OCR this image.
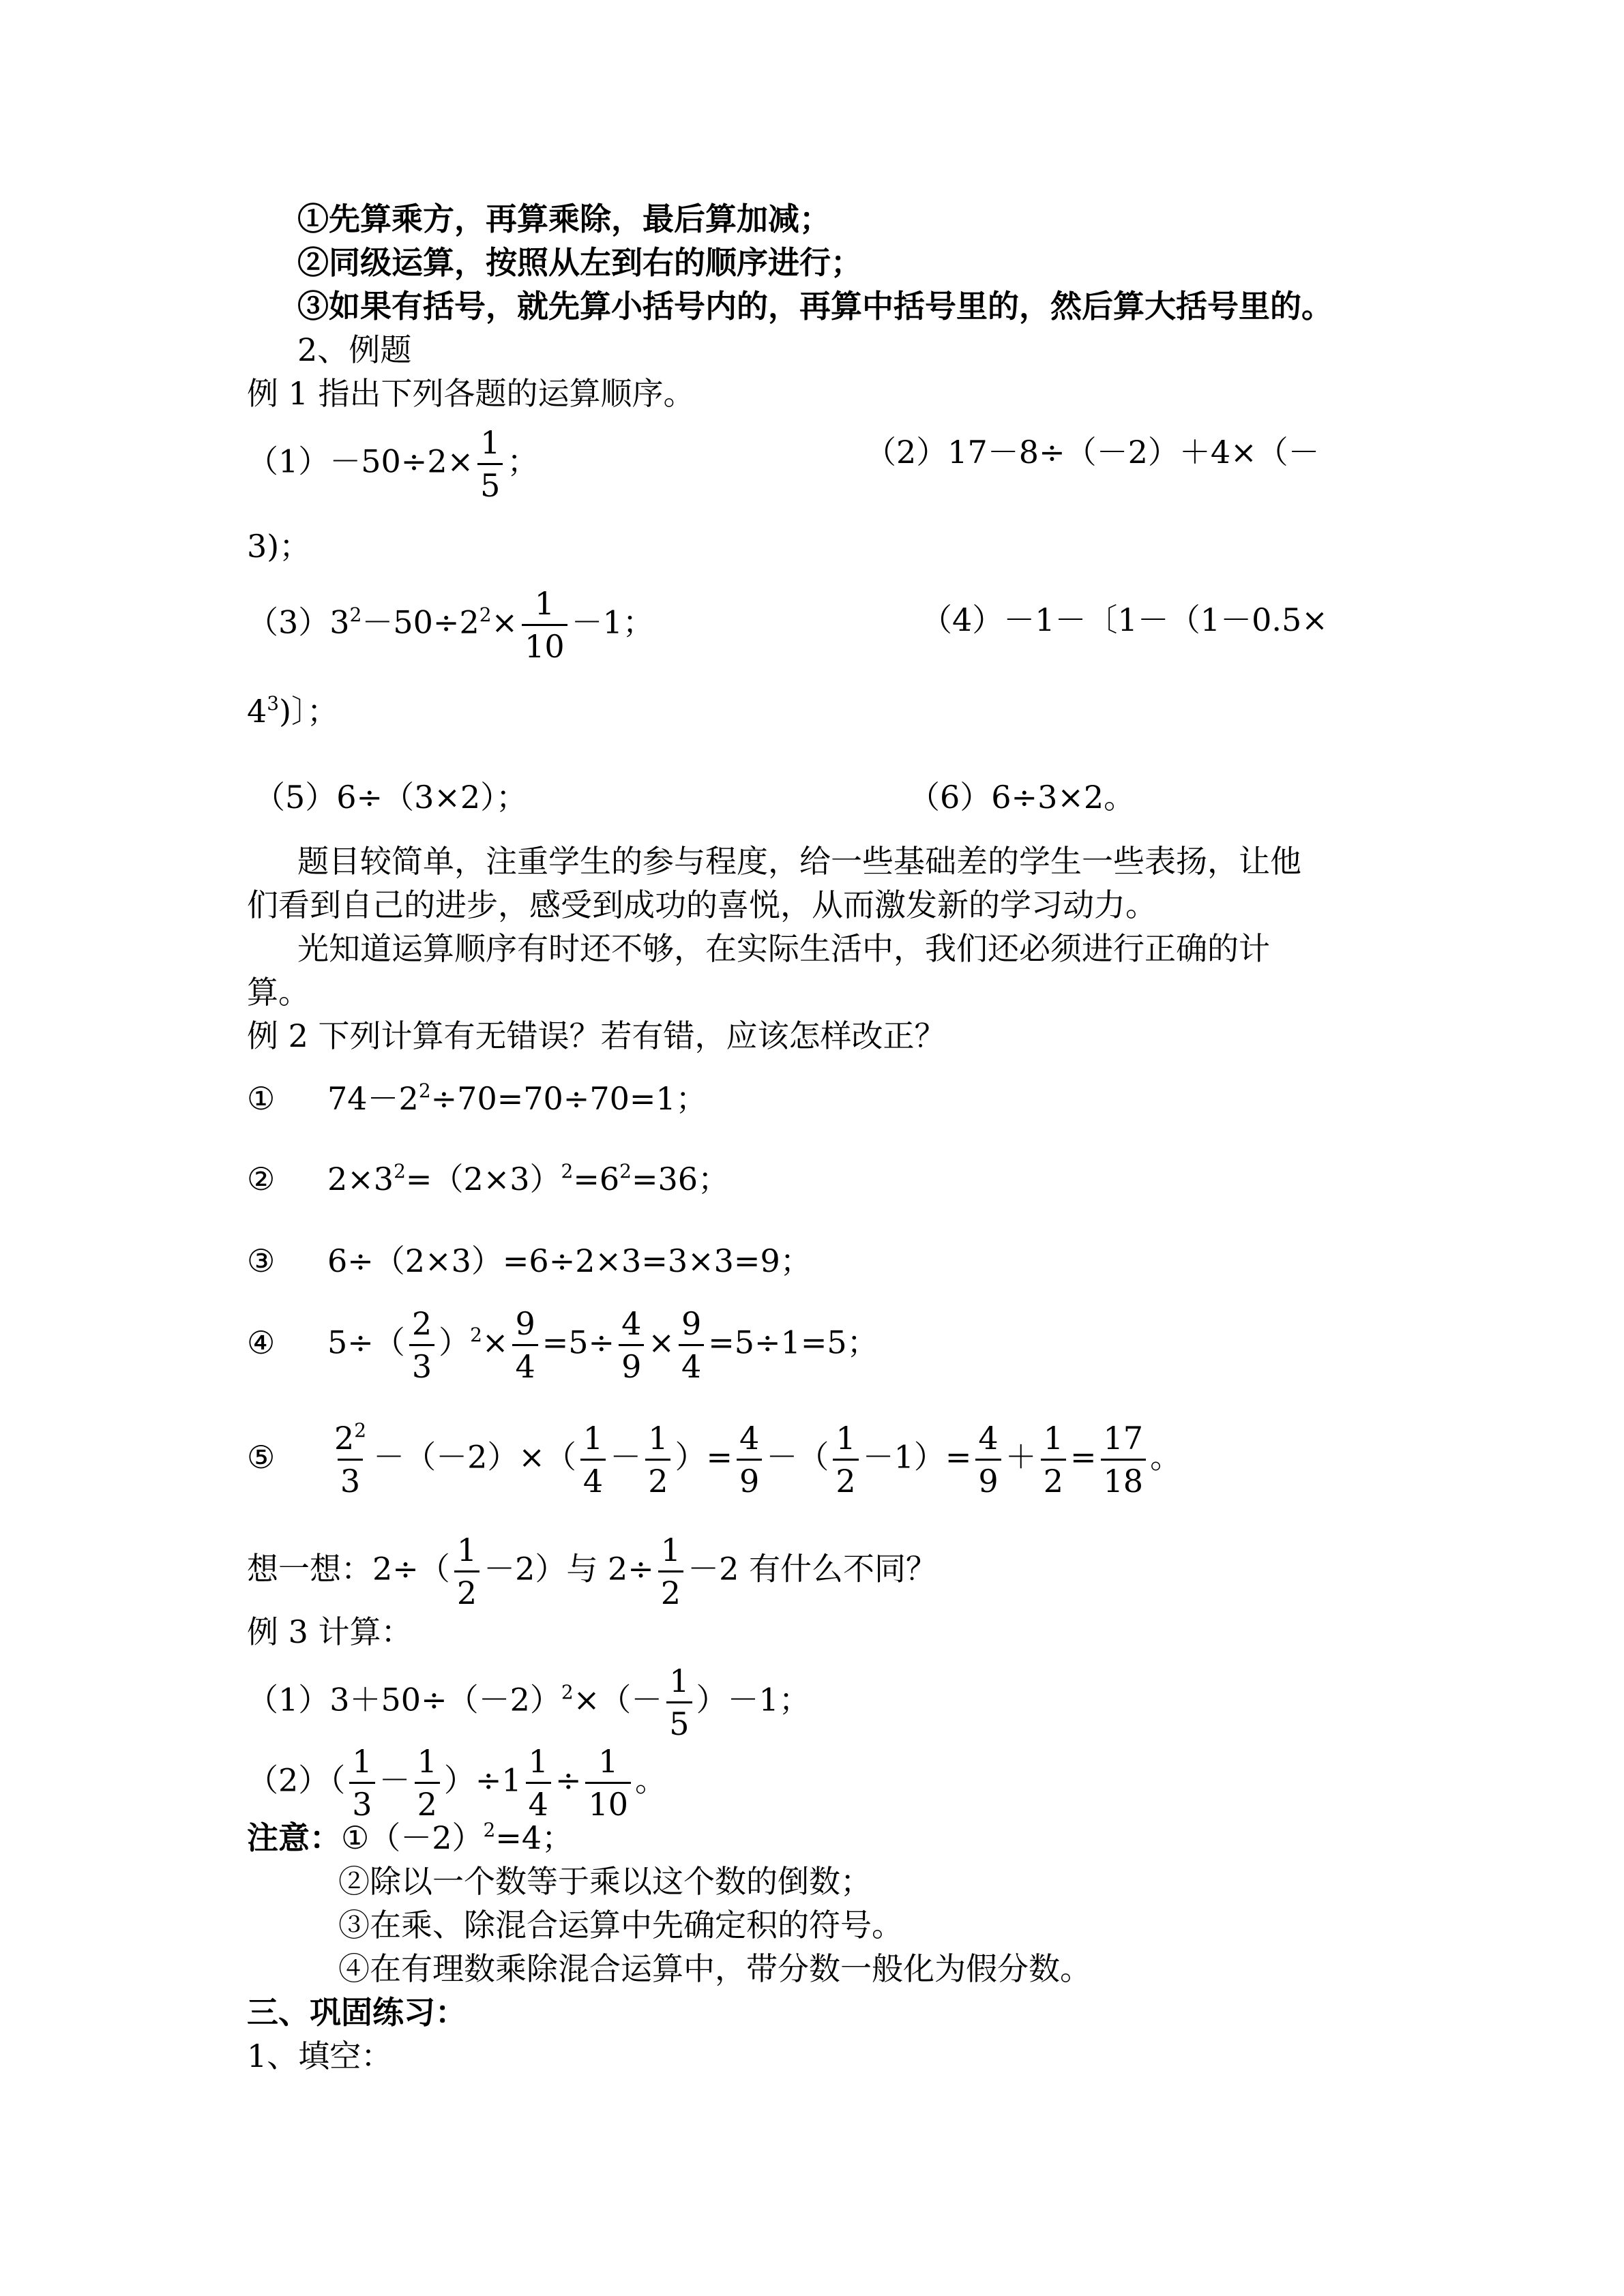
①先算乘方，再算乘除，最后算加减；
②同级运算，按照从左到右的顺序进行；
③如果有括号，就先算小括号内的，再算中括号里的，然后算大括号里的。
2、例题
例 1 指出下列各题的运算顺序。
$(1)-50\div 2\times \frac{1}{5}$ ；	（2）17－8÷（－2）＋4×（－
3)；
$(3)3^2-50\div 2^2\times \frac{1}{10} -1$；	（4）－1－〔1－（1－0.5×
$4^3$)〕；
（5）6÷（3×2）；	（6）6÷3×2。
题目较简单，注重学生的参与程度，给一些基础差的学生一些表扬，让他
们看到自己的进步，感受到成功的喜悦，从而激发新的学习动力。
光知道运算顺序有时还不够，在实际生活中，我们还必须进行正确的计
算。
例 2 下列计算有无错误？若有错，应该怎样改正？
① $74-2^2\div 70=70\div 70=1$；
② $2\times 3^2=(2\times 3)^2=6^2=36$；
③ 6÷（2×3）=6÷2×3=3×3=9；
④ $5\div( \frac{2}{3} )^2\times \frac{9}{4} =5\div \frac{4}{9} \times \frac{9}{4} =5\div 1=5$；
⑤ $\frac{2^2}{3} -(-2)\times( \frac{1}{4} - \frac{1}{2}$ ）= $\frac{4}{9}$ －（ $\frac{1}{2} -1)= \frac{4}{9} + \frac{1}{2} = \frac{17}{18}$ 。
想一想：$2\div( \frac{1}{2} -2)$与 $2\div \frac{1}{2} -2$ 有什么不同？
例 3 计算：
$(1)3+50\div(-2)^2\times(- \frac{1}{5} )-1$；
$(2)( \frac{1}{3} - \frac{1}{2} )\div 1 \frac{1}{4} \div \frac{1}{10}$ 。
注意：$①(-2)^2=4$；
②除以一个数等于乘以这个数的倒数；
③在乘、除混合运算中先确定积的符号。
④在有理数乘除混合运算中，带分数一般化为假分数。
三、巩固练习：
1、填空：
